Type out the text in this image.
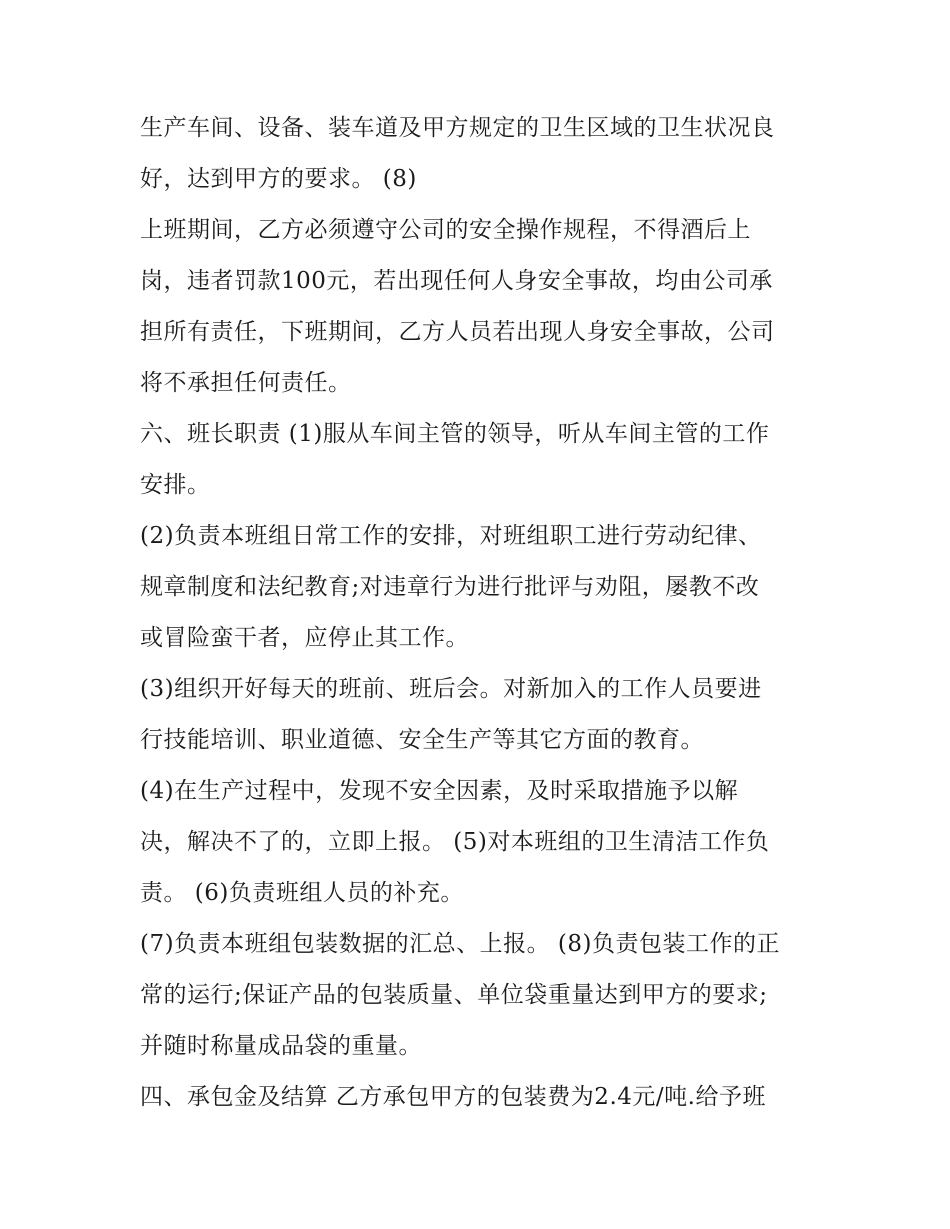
生产车间、设备、装车道及甲方规定的卫生区域的卫生状况良
好，达到甲方的要求。 (8)
上班期间，乙方必须遵守公司的安全操作规程，不得酒后上
岗，违者罚款100元，若出现任何人身安全事故，均由公司承
担所有责任，下班期间，乙方人员若出现人身安全事故，公司
将不承担任何责任。
六、班长职责 (1)服从车间主管的领导，听从车间主管的工作
安排。
(2)负责本班组日常工作的安排，对班组职工进行劳动纪律、
规章制度和法纪教育;对违章行为进行批评与劝阻，屡教不改
或冒险蛮干者，应停止其工作。
(3)组织开好每天的班前、班后会。对新加入的工作人员要进
行技能培训、职业道德、安全生产等其它方面的教育。
(4)在生产过程中，发现不安全因素，及时采取措施予以解
决，解决不了的，立即上报。 (5)对本班组的卫生清洁工作负
责。 (6)负责班组人员的补充。
(7)负责本班组包装数据的汇总、上报。 (8)负责包装工作的正
常的运行;保证产品的包装质量、单位袋重量达到甲方的要求;
并随时称量成品袋的重量。
四、承包金及结算 乙方承包甲方的包装费为2.4元/吨.给予班
